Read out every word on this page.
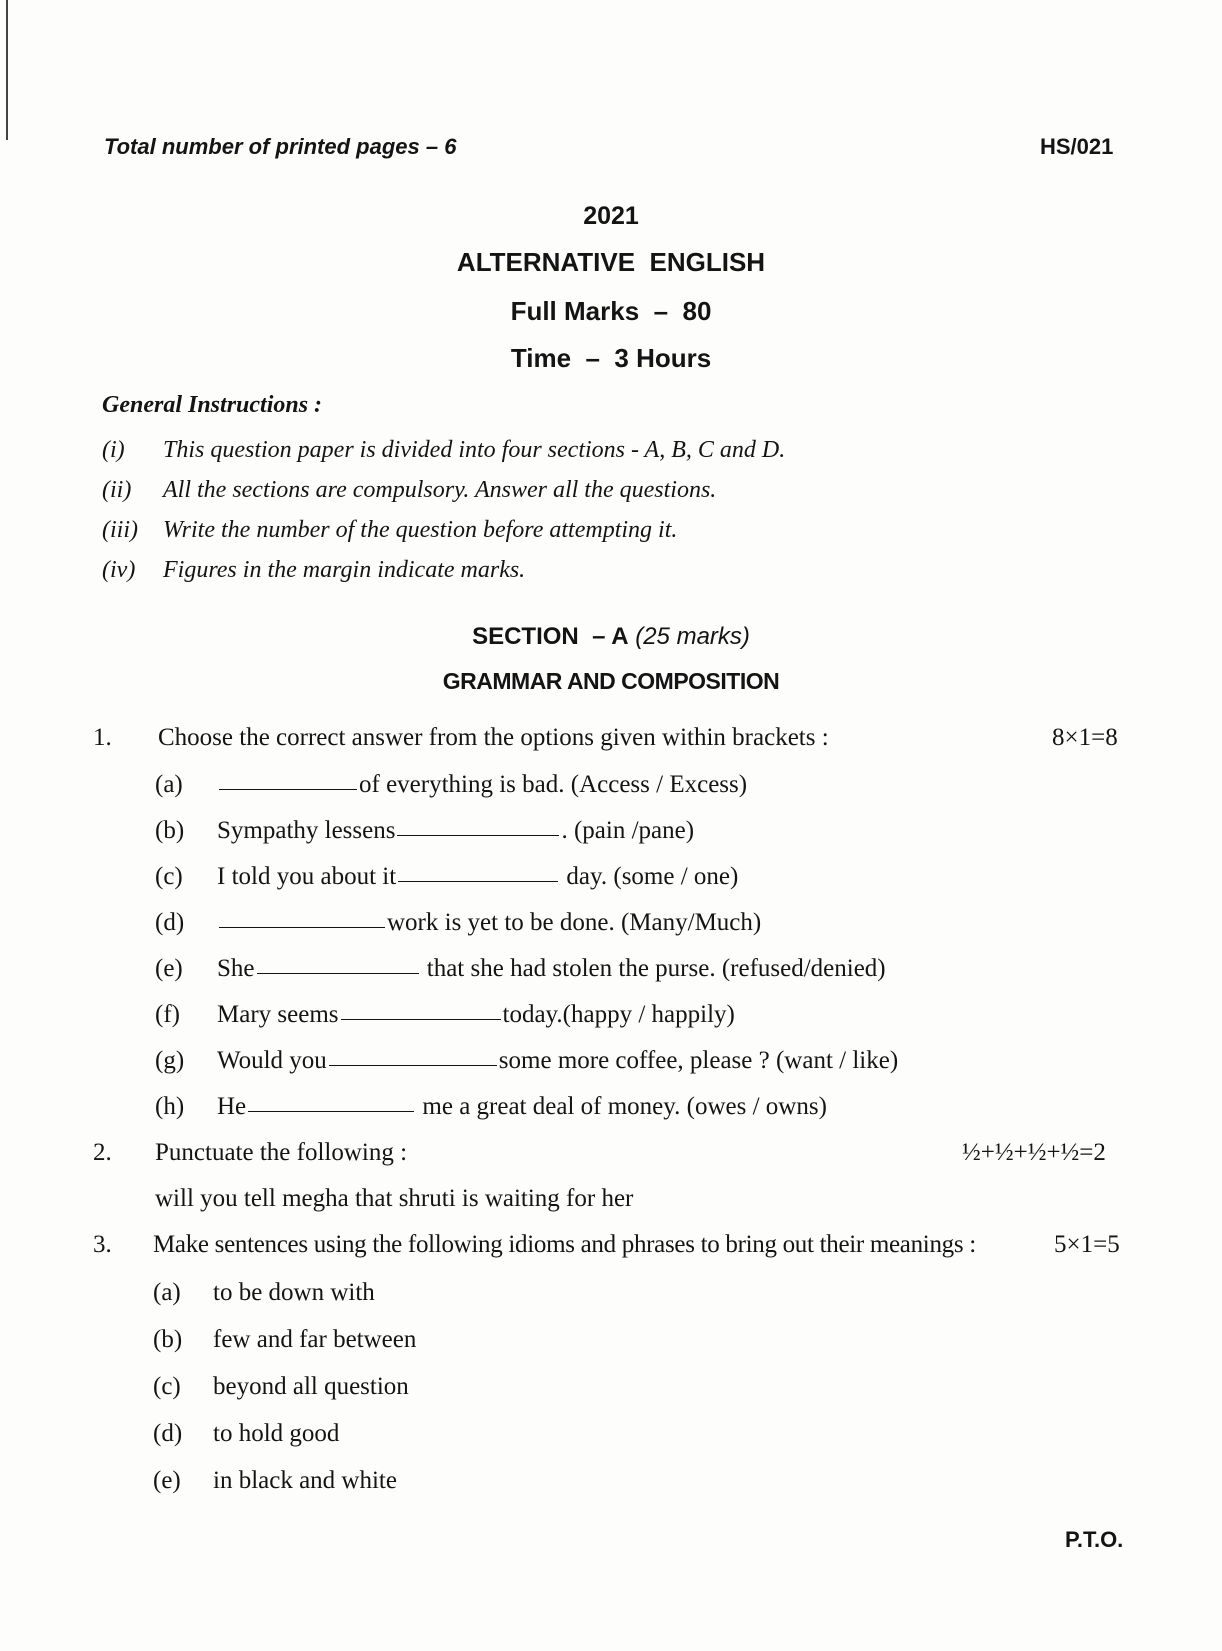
Total number of printed pages – 6	HS/021
2021
ALTERNATIVE  ENGLISH
Full Marks  –  80
Time  –  3 Hours
General Instructions :
(i) This question paper is divided into four sections - A, B, C and D.
(ii) All the sections are compulsory. Answer all the questions.
(iii) Write the number of the question before attempting it.
(iv) Figures in the margin indicate marks.
SECTION  – A (25 marks)
GRAMMAR AND COMPOSITION
1. Choose the correct answer from the options given within brackets :	8×1=8
(a)	of everything is bad. (Access / Excess)
(b) Sympathy lessens	. (pain /pane)
(c) I told you about it	day. (some / one)
(d)	work is yet to be done. (Many/Much)
(e) She	that she had stolen the purse. (refused/denied)
(f) Mary seems	today.(happy / happily)
(g) Would you	some more coffee, please ? (want / like)
(h) He	me a great deal of money. (owes / owns)
2. Punctuate the following :	½+½+½+½=2
will you tell megha that shruti is waiting for her
3. Make sentences using the following idioms and phrases to bring out their meanings :	5×1=5
(a) to be down with
(b) few and far between
(c) beyond all question
(d) to hold good
(e) in black and white
P.T.O.
